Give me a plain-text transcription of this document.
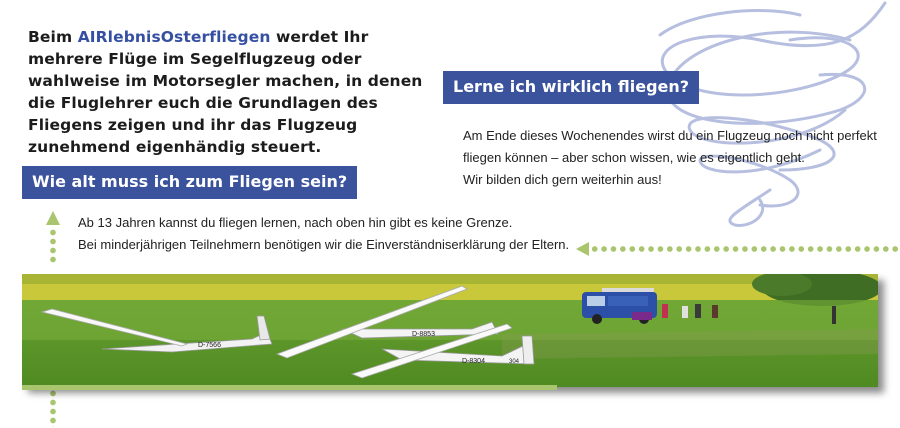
Beim AIRlebnisOsterfliegen werdet Ihr mehrere Flüge im Segelflugzeug oder wahlweise im Motorsegler machen, in denen die Fluglehrer euch die Grundlagen des Fliegens zeigen und ihr das Flugzeug zunehmend eigenhändig steuert.
Lerne ich wirklich fliegen?
Am Ende dieses Wochenendes wirst du ein Flugzeug noch nicht perfekt
fliegen können – aber schon wissen, wie es eigentlich geht.
Wir bilden dich gern weiterhin aus!
Wie alt muss ich zum Fliegen sein?
Ab 13 Jahren kannst du fliegen lernen, nach oben hin gibt es keine Grenze.
Bei minderjährigen Teilnehmern benötigen wir die Einverständniserklärung der Eltern.
D-7566
D-8853
D-8304	304
